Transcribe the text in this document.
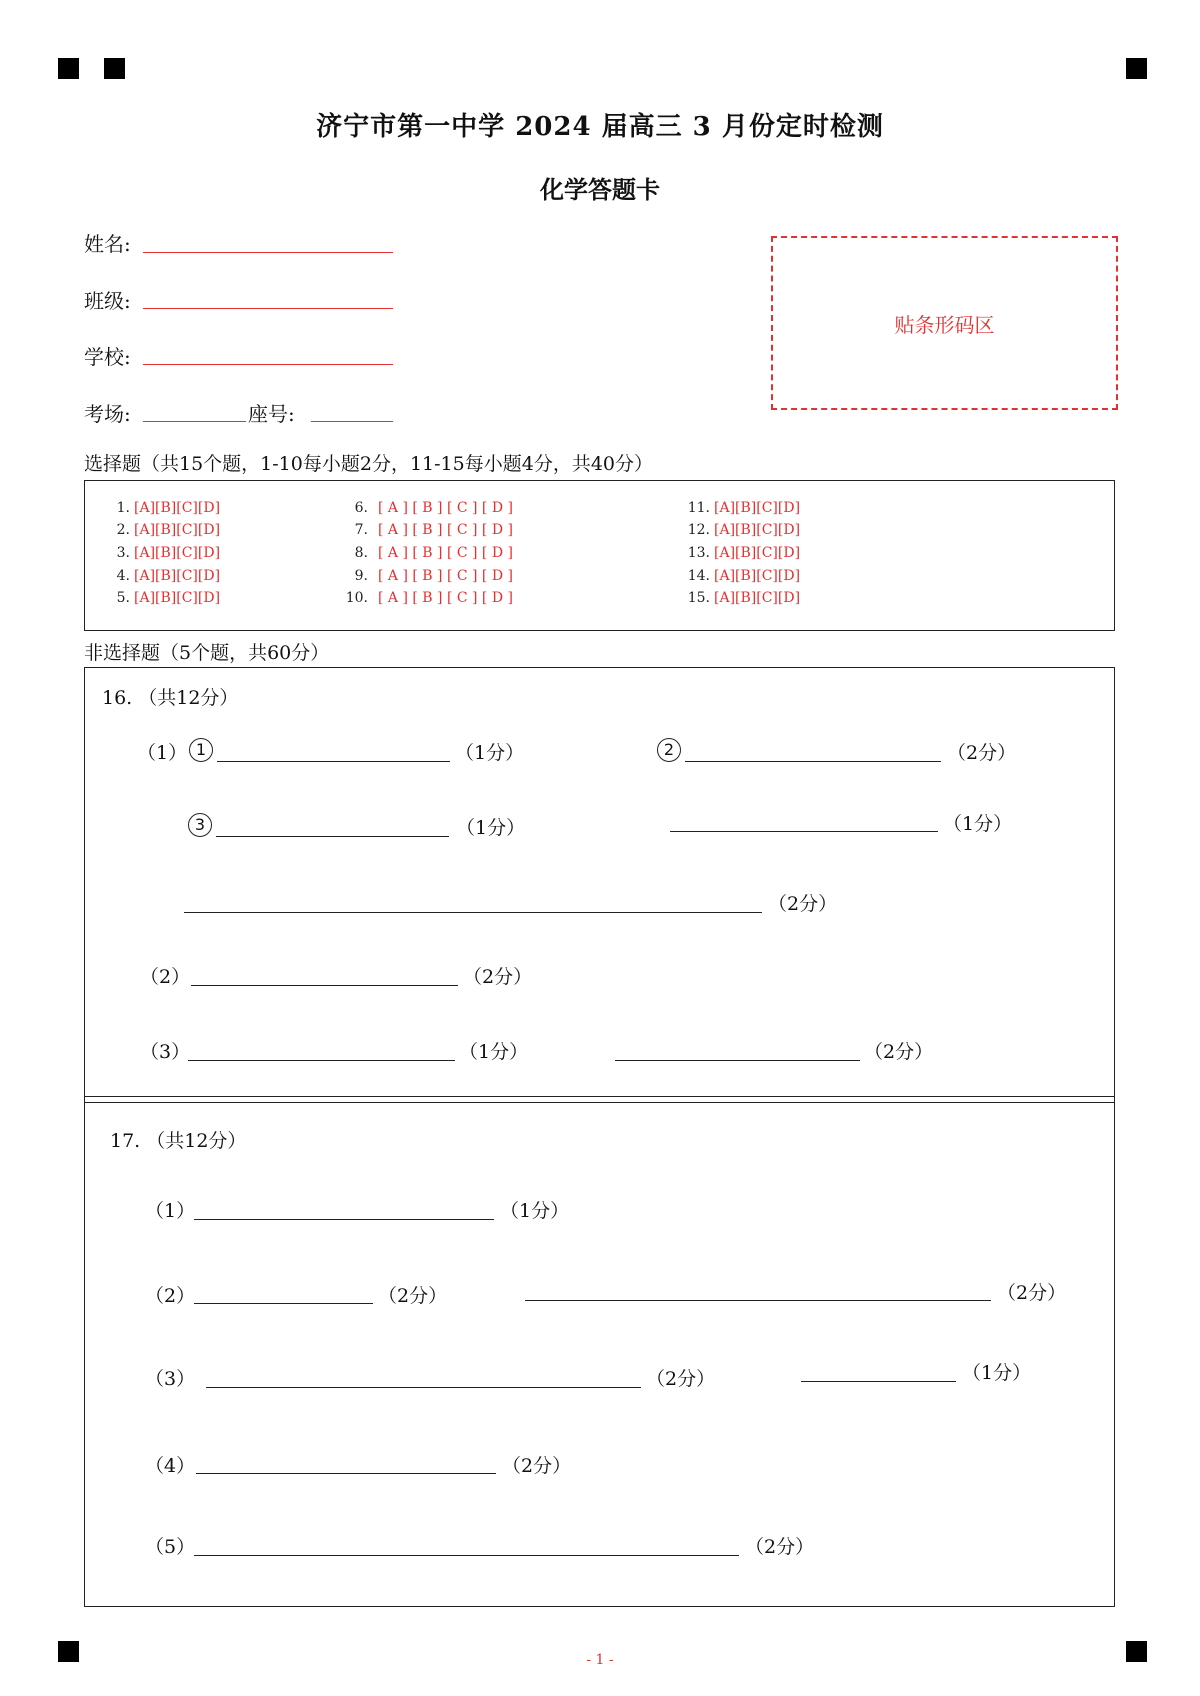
济宁市第一中学 2024 届高三 3 月份定时检测
化学答题卡
姓名:
班级:
学校:
考场:	座号:
贴条形码区
选择题（共15个题，1-10每小题2分，11-15每小题4分，共40分）
1. [A][B][C][D]
2. [A][B][C][D]
3. [A][B][C][D]
4. [A][B][C][D]
5. [A][B][C][D]
6. [ A ] [ B ] [ C ] [ D ]
7. [ A ] [ B ] [ C ] [ D ]
8. [ A ] [ B ] [ C ] [ D ]
9. [ A ] [ B ] [ C ] [ D ]
10. [ A ] [ B ] [ C ] [ D ]
11. [A][B][C][D]
12. [A][B][C][D]
13. [A][B][C][D]
14. [A][B][C][D]
15. [A][B][C][D]
非选择题（5个题，共60分）
16. （共12分）
（1） 1	（1分）	2	（2分）
3	（1分）	（1分）
（2分）
（2）	（2分）
（3）	（1分）	（2分）
17. （共12分）
（1）	（1分）
（2）	（2分）	（2分）
（3）	（2分）	（1分）
（4）	（2分）
（5）	（2分）
- 1 -
